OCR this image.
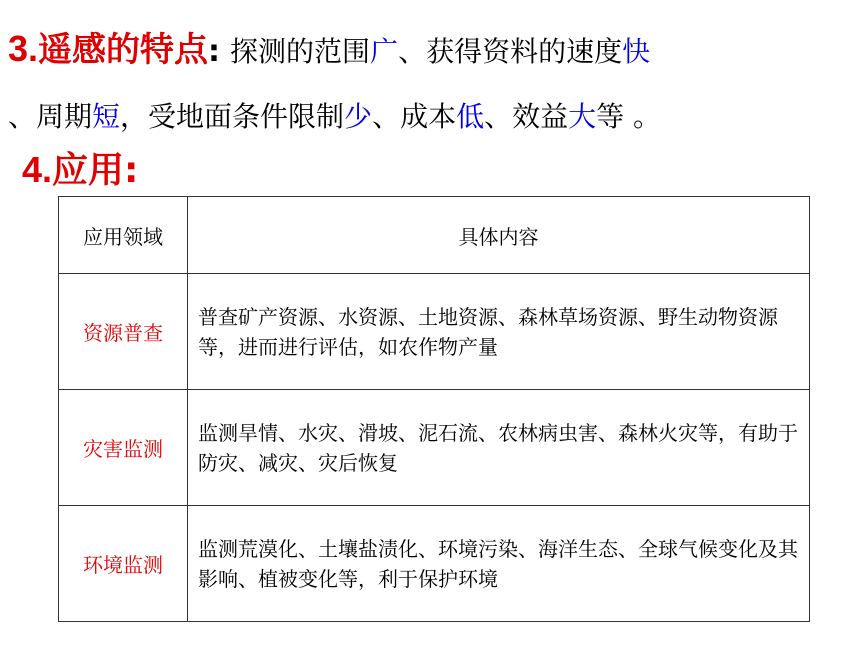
3.遥感的特点: 探测的范围广、获得资料的速度快
、周期短，受地面条件限制少、成本低、效益大等 。
4.应用:
应用领域	具体内容
资源普查	普查矿产资源、水资源、土地资源、森林草场资源、野生动物资源等，进而进行评估，如农作物产量
灾害监测	监测旱情、水灾、滑坡、泥石流、农林病虫害、森林火灾等，有助于防灾、减灾、灾后恢复
环境监测	监测荒漠化、土壤盐渍化、环境污染、海洋生态、全球气候变化及其影响、植被变化等，利于保护环境
